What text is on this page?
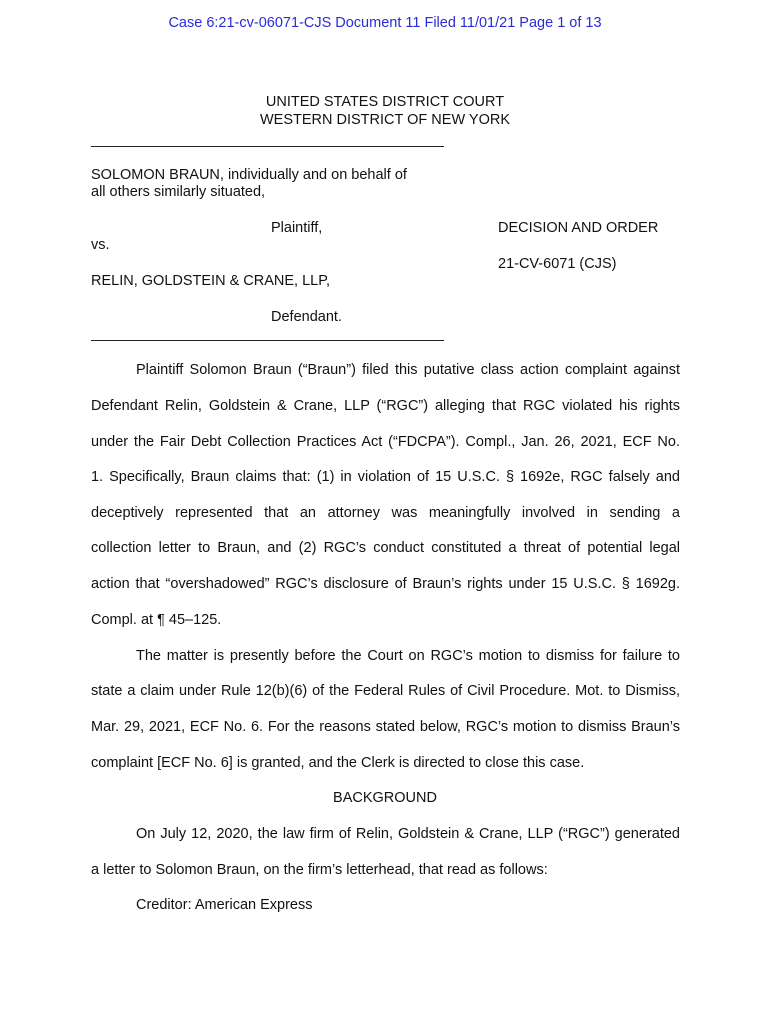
Case 6:21-cv-06071-CJS Document 11 Filed 11/01/21 Page 1 of 13
UNITED STATES DISTRICT COURT
WESTERN DISTRICT OF NEW YORK
SOLOMON BRAUN, individually and on behalf of
all others similarly situated,
Plaintiff,	DECISION AND ORDER
vs.
21-CV-6071 (CJS)
RELIN, GOLDSTEIN & CRANE, LLP,
Defendant.
Plaintiff Solomon Braun (“Braun”) filed this putative class action complaint against
Defendant Relin, Goldstein & Crane, LLP (“RGC”) alleging that RGC violated his rights
under the Fair Debt Collection Practices Act (“FDCPA”). Compl., Jan. 26, 2021, ECF No.
1. Specifically, Braun claims that: (1) in violation of 15 U.S.C. § 1692e, RGC falsely and
deceptively represented that an attorney was meaningfully involved in sending a
collection letter to Braun, and (2) RGC’s conduct constituted a threat of potential legal
action that “overshadowed” RGC’s disclosure of Braun’s rights under 15 U.S.C. § 1692g.
Compl. at ¶ 45–125.
The matter is presently before the Court on RGC’s motion to dismiss for failure to
state a claim under Rule 12(b)(6) of the Federal Rules of Civil Procedure. Mot. to Dismiss,
Mar. 29, 2021, ECF No. 6. For the reasons stated below, RGC’s motion to dismiss Braun’s
complaint [ECF No. 6] is granted, and the Clerk is directed to close this case.
BACKGROUND
On July 12, 2020, the law firm of Relin, Goldstein & Crane, LLP (“RGC”) generated
a letter to Solomon Braun, on the firm’s letterhead, that read as follows:
Creditor: American Express
